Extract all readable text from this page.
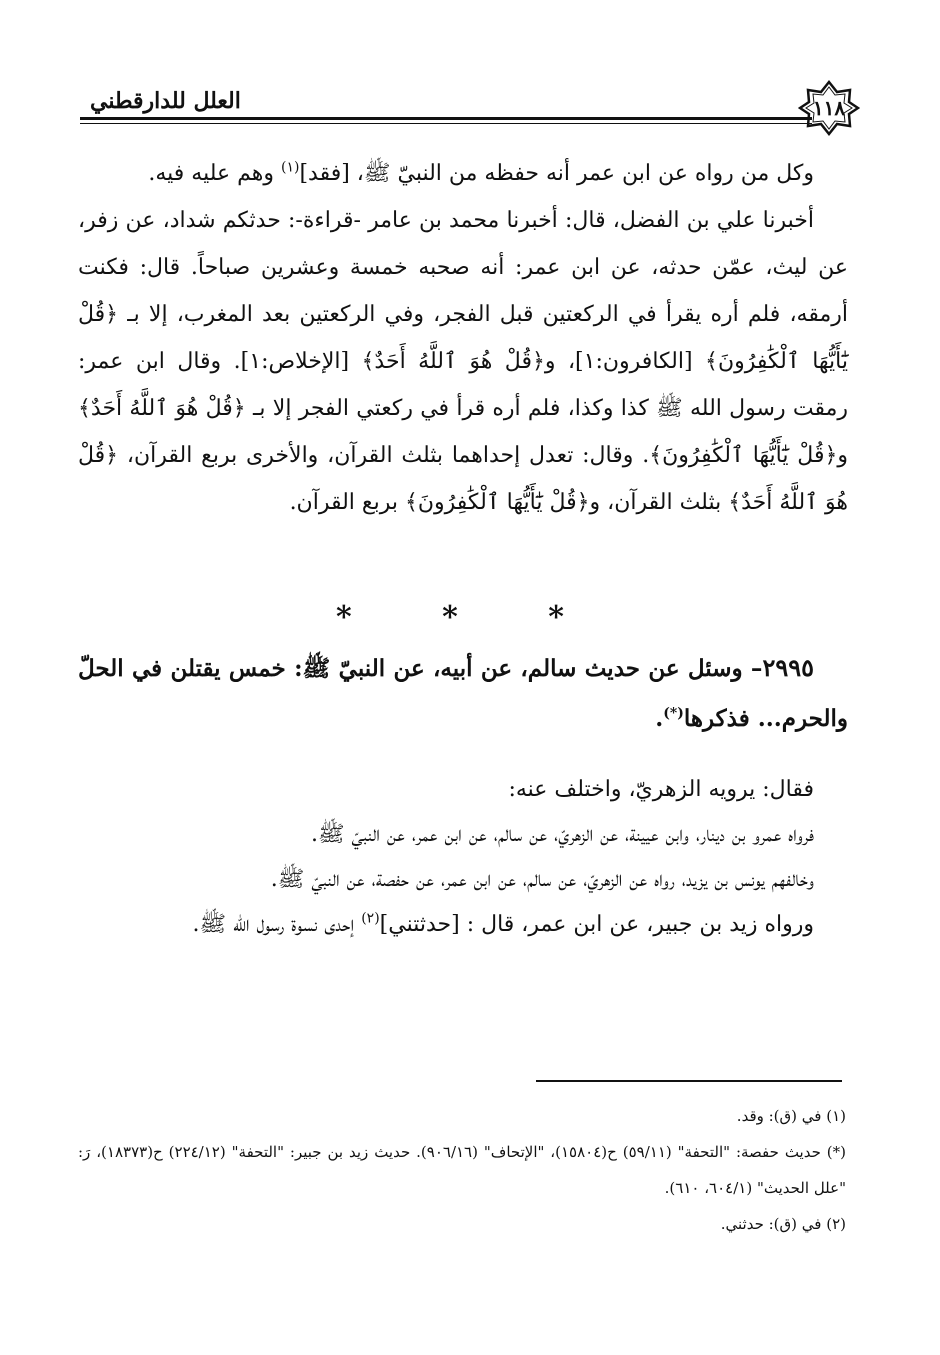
١١٨
العلل للدارقطني

وكل من رواه عن ابن عمر أنه حفظه من النبيّ ﷺ، [فقد]$^{(١)}$ وهم عليه فيه.

أخبرنا علي بن الفضل، قال: أخبرنا محمد بن عامر -قراءة-: حدثكم شداد، عن زفر، عن ليث، عمّن حدثه، عن ابن عمر: أنه صحبه خمسة وعشرين صباحاً. قال: فكنت أرمقه، فلم أره يقرأ في الركعتين قبل الفجر، وفي الركعتين بعد المغرب، إلا بـ ﴿قُلْ يَٰٓأَيُّهَا ٱلْكَٰفِرُونَ﴾ [الكافرون:١]، و﴿قُلْ هُوَ ٱللَّهُ أَحَدٌ﴾ [الإخلاص:١]. وقال ابن عمر: رمقت رسول الله ﷺ كذا وكذا، فلم أره قرأ في ركعتي الفجر إلا بـ ﴿قُلْ هُوَ ٱللَّهُ أَحَدٌ﴾ و﴿قُلْ يَٰٓأَيُّهَا ٱلْكَٰفِرُونَ﴾. وقال: تعدل إحداهما بثلث القرآن، والأخرى بربع القرآن، ﴿قُلْ هُوَ ٱللَّهُ أَحَدٌ﴾ بثلث القرآن، و﴿قُلْ يَٰٓأَيُّهَا ٱلْكَٰفِرُونَ﴾ بربع القرآن.

* * *

٢٩٩٥– وسئل عن حديث سالم، عن أبيه، عن النبيّ ﷺ: خمس يقتلن في الحلّ والحرم... فذكرها(*).

فقال: يرويه الزهريّ، واختلف عنه:

فرواه عمرو بن دينار، وابن عيينة، عن الزهريّ، عن سالم، عن ابن عمر، عن النبيّ ﷺ.

وخالفهم يونس بن يزيد، رواه عن الزهريّ، عن سالم، عن ابن عمر، عن حفصة، عن النبيّ ﷺ.

ورواه زيد بن جبير، عن ابن عمر، قال : [حدثتني]$^{(٢)}$ إحدى نسوة رسول الله ﷺ.

(١) في (ق): وقد.

(*) حديث حفصة: "التحفة" (٥٩/١١) ح(١٥٨٠٤)، "الإتحاف" (٩٠٦/١٦). حديث زيد بن جبير: "التحفة" (٢٢٤/١٢) ح(١٨٣٧٣)، رَ: "علل الحديث" (٦٠٤/١، ٦١٠).

(٢) في (ق): حدثني.
